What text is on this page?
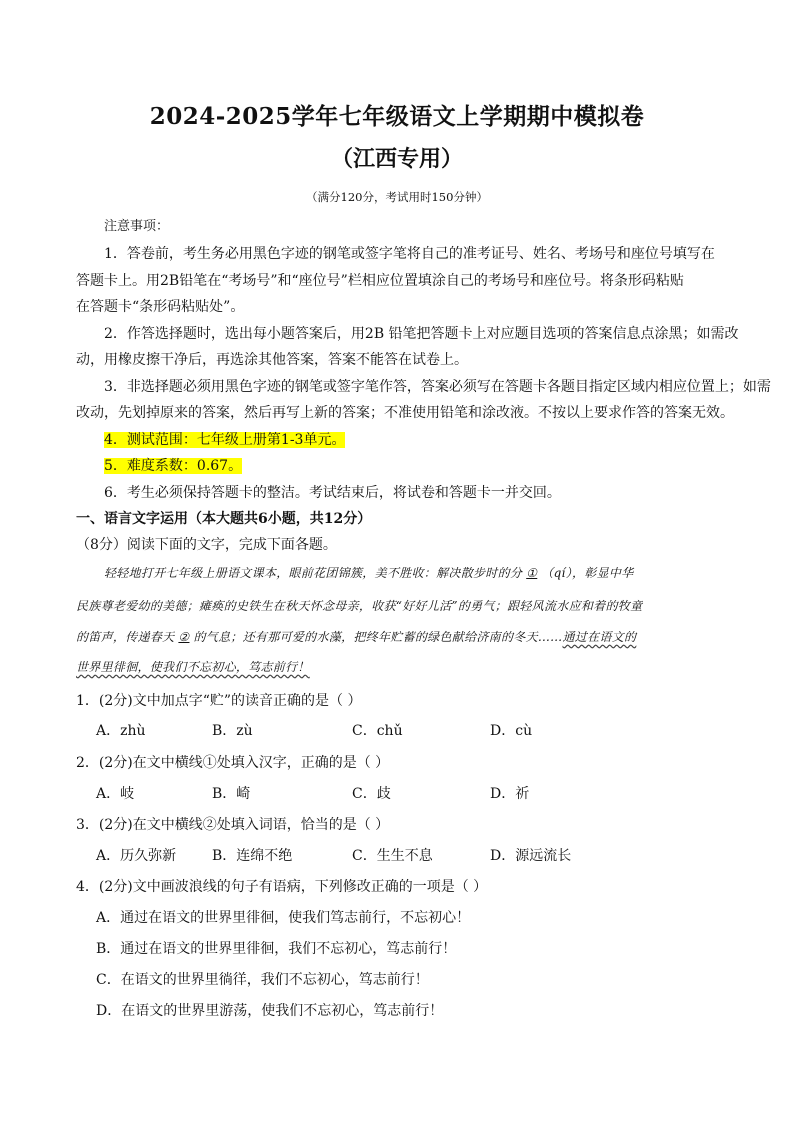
2024-2025学年七年级语文上学期期中模拟卷
（江西专用）
（满分120分，考试用时150分钟）
注意事项：
1．答卷前，考生务必用黑色字迹的钢笔或签字笔将自己的准考证号、姓名、考场号和座位号填写在
答题卡上。用2B铅笔在“考场号”和“座位号”栏相应位置填涂自己的考场号和座位号。将条形码粘贴
在答题卡“条形码粘贴处”。
2．作答选择题时，选出每小题答案后，用2B 铅笔把答题卡上对应题目选项的答案信息点涂黑；如需改
动，用橡皮擦干净后，再选涂其他答案，答案不能答在试卷上。
3．非选择题必须用黑色字迹的钢笔或签字笔作答，答案必须写在答题卡各题目指定区域内相应位置上；如需
改动，先划掉原来的答案，然后再写上新的答案；不准使用铅笔和涂改液。不按以上要求作答的答案无效。
4．测试范围：七年级上册第1-3单元。
5．难度系数：0.67。
6．考生必须保持答题卡的整洁。考试结束后，将试卷和答题卡一并交回。
一、语言文字运用（本大题共6小题，共12分）
（8分）阅读下面的文字，完成下面各题。
轻轻地打开七年级上册语文课本，眼前花团锦簇，美不胜收：解决散步时的分 ① （qí），彰显中华
民族尊老爱幼的美德；瘫痪的史铁生在秋天怀念母亲，收获“好好儿活”的勇气；跟轻风流水应和着的牧童
的笛声，传递春天 ② 的气息；还有那可爱的水藻，把终年贮蓄的绿色献给济南的冬天……通过在语文的
世界里徘徊，使我们不忘初心，笃志前行！
1．(2分)文中加点字“贮”的读音正确的是（ ）
A．zhù	B．zù	C．chǔ	D．cù
2．(2分)在文中横线①处填入汉字，正确的是（ ）
A．岐	B．崎	C．歧	D．祈
3．(2分)在文中横线②处填入词语，恰当的是（ ）
A．历久弥新	B．连绵不绝	C．生生不息	D．源远流长
4．(2分)文中画波浪线的句子有语病，下列修改正确的一项是（ ）
A．通过在语文的世界里徘徊，使我们笃志前行，不忘初心！
B．通过在语文的世界里徘徊，我们不忘初心，笃志前行！
C．在语文的世界里徜徉，我们不忘初心，笃志前行！
D．在语文的世界里游荡，使我们不忘初心，笃志前行！
